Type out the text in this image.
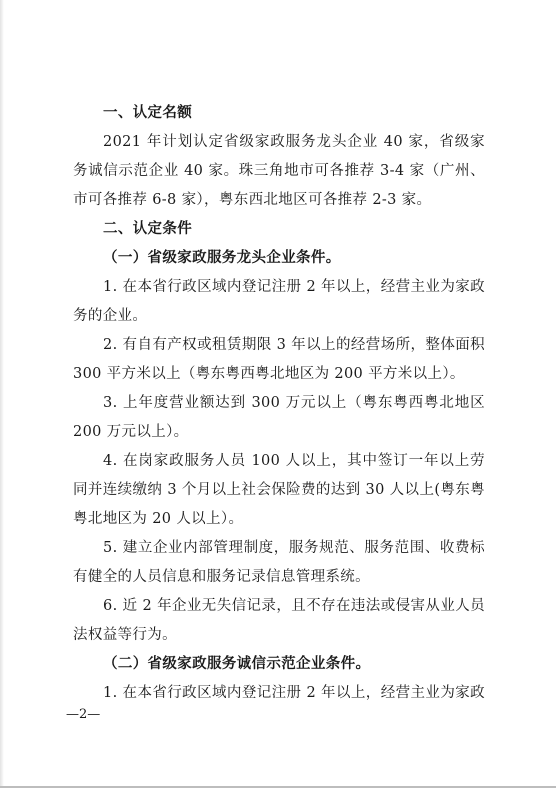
一、认定名额
2021 年计划认定省级家政服务龙头企业 40 家，省级家
务诚信示范企业 40 家。珠三角地市可各推荐 3-4 家（广州、
市可各推荐 6-8 家），粤东西北地区可各推荐 2-3 家。
二、认定条件
（一）省级家政服务龙头企业条件。
1. 在本省行政区域内登记注册 2 年以上，经营主业为家政
务的企业。
2. 有自有产权或租赁期限 3 年以上的经营场所，整体面积
300 平方米以上（粤东粤西粤北地区为 200 平方米以上）。
3. 上年度营业额达到 300 万元以上（粤东粤西粤北地区
200 万元以上）。
4. 在岗家政服务人员 100 人以上，其中签订一年以上劳
同并连续缴纳 3 个月以上社会保险费的达到 30 人以上(粤东粤
粤北地区为 20 人以上）。
5. 建立企业内部管理制度，服务规范、服务范围、收费标
有健全的人员信息和服务记录信息管理系统。
6. 近 2 年企业无失信记录，且不存在违法或侵害从业人员
法权益等行为。
（二）省级家政服务诚信示范企业条件。
1. 在本省行政区域内登记注册 2 年以上，经营主业为家政
—2—
